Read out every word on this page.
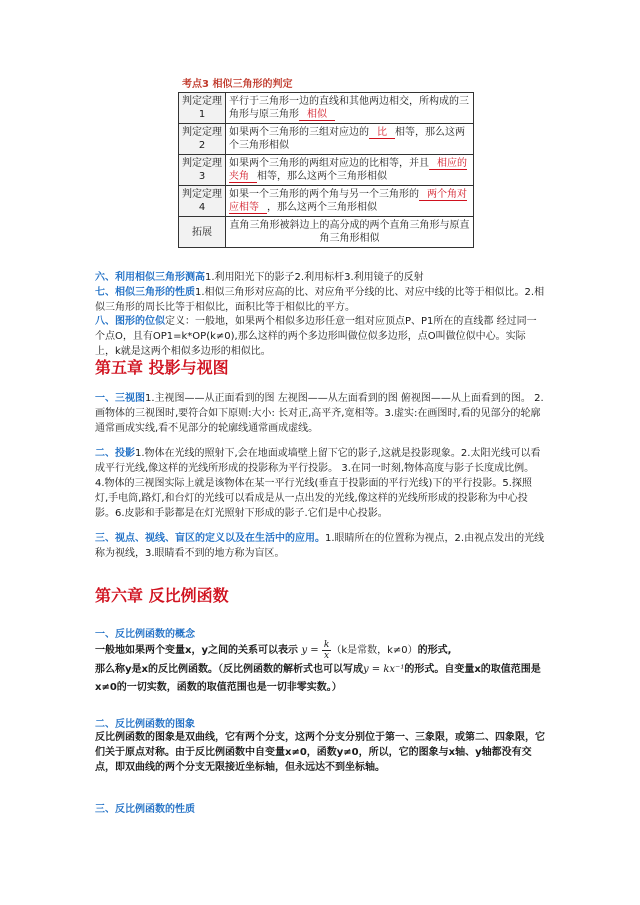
考点3 相似三角形的判定
判定定理1	平行于三角形一边的直线和其他两边相交，所构成的三角形与原三角形 相似
判定定理2	如果两个三角形的三组对应边的 比 相等，那么这两个三角形相似
判定定理3	如果两个三角形的两组对应边的比相等，并且 相应的夹角 相等，那么这两个三角形相似
判定定理4	如果一个三角形的两个角与另一个三角形的 两个角对应相等 ，那么这两个三角形相似
拓展	直角三角形被斜边上的高分成的两个直角三角形与原直角三角形相似
六、利用相似三角形测高1.利用阳光下的影子2.利用标杆3.利用镜子的反射
七、相似三角形的性质1.相似三角形对应高的比、对应角平分线的比、对应中线的比等于相似比。2.相似三角形的周长比等于相似比，面积比等于相似比的平方。
八、图形的位似定义：一般地，如果两个相似多边形任意一组对应顶点P、P1所在的直线都 经过同一个点O，且有OP1=k*OP(k≠0),那么这样的两个多边形叫做位似多边形，点O叫做位似中心。实际上，k就是这两个相似多边形的相似比。
第五章 投影与视图
一、三视图1.主视图——从正面看到的图 左视图——从左面看到的图 俯视图——从上面看到的图。 2.画物体的三视图时,要符合如下原则:大小: 长对正,高平齐,宽相等。3.虚实:在画图时,看的见部分的轮廓通常画成实线,看不见部分的轮廓线通常画成虚线。
二、投影1.物体在光线的照射下,会在地面或墙壁上留下它的影子,这就是投影现象。2.太阳光线可以看成平行光线,像这样的光线所形成的投影称为平行投影。 3.在同一时刻,物体高度与影子长度成比例。 4.物体的三视图实际上就是该物体在某一平行光线(垂直于投影面的平行光线)下的平行投影。5.探照灯,手电筒,路灯,和台灯的光线可以看成是从一点出发的光线,像这样的光线所形成的投影称为中心投影。6.皮影和手影都是在灯光照射下形成的影子.它们是中心投影。
三、视点、视线、盲区的定义以及在生活中的应用。1.眼睛所在的位置称为视点，2.由视点发出的光线称为视线，3.眼睛看不到的地方称为盲区。
第六章 反比例函数
一、反比例函数的概念
一般地如果两个变量x，y之间的关系可以表示 $y = \frac{k}{x} (k$是常数，k≠0）的形式,
那么称y是x的反比例函数。（反比例函数的解析式也可以写成y = kx⁻¹的形式。自变量x的取值范围是x≠0的一切实数，函数的取值范围也是一切非零实数。）
二、反比例函数的图象
反比例函数的图象是双曲线，它有两个分支，这两个分支分别位于第一、三象限，或第二、四象限，它们关于原点对称。由于反比例函数中自变量x≠0，函数y≠0，所以，它的图象与x轴、y轴都没有交点，即双曲线的两个分支无限接近坐标轴，但永远达不到坐标轴。
三、反比例函数的性质
